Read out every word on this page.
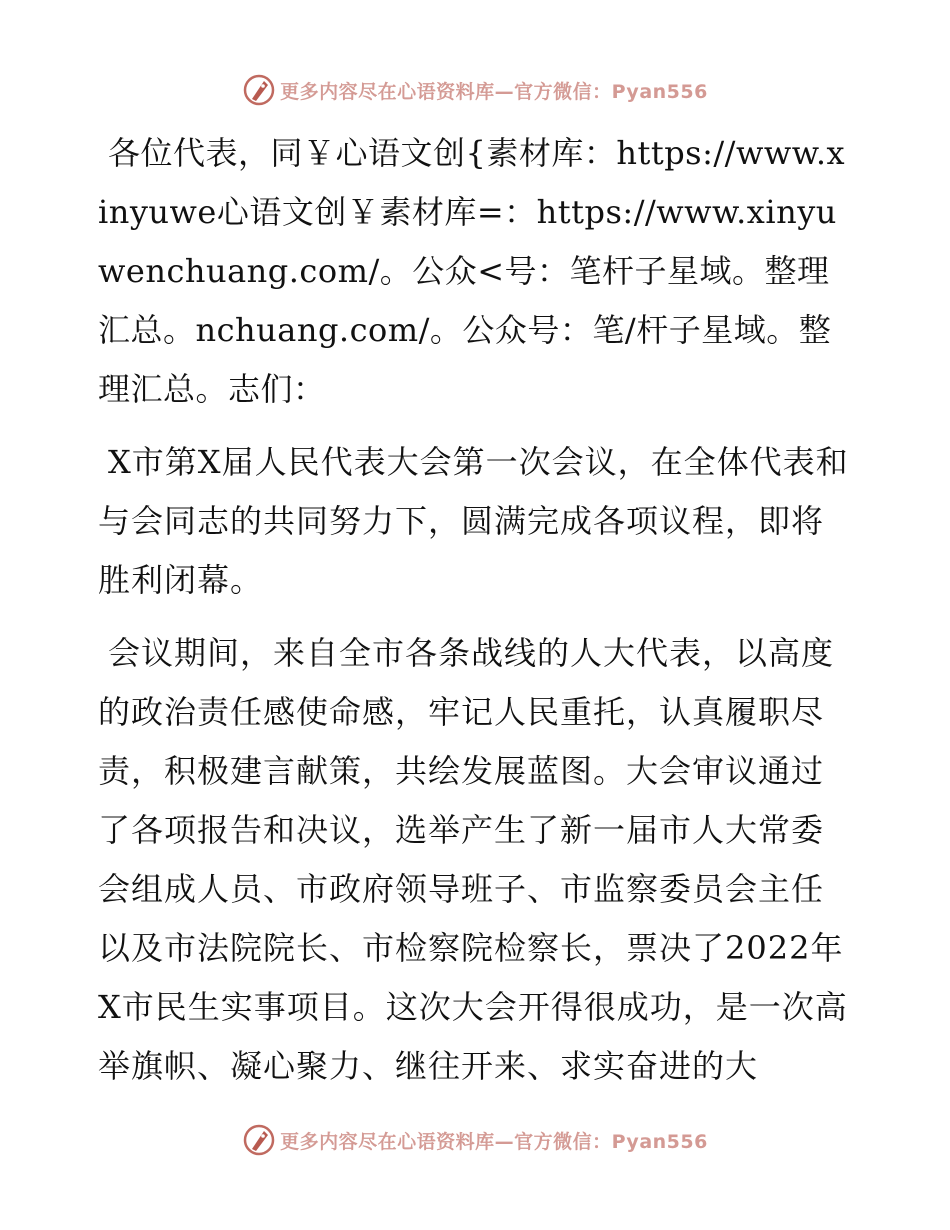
更多内容尽在心语资料库—官方微信：Pyan556

各位代表，同￥心语文创{素材库：https://www.xinyuwe心语文创￥素材库=：https://www.xinyuwenchuang.com/。公众<号：笔杆子星域。整理汇总。nchuang.com/。公众号：笔/杆子星域。整理汇总。志们：

X市第X届人民代表大会第一次会议，在全体代表和与会同志的共同努力下，圆满完成各项议程，即将胜利闭幕。

会议期间，来自全市各条战线的人大代表，以高度的政治责任感使命感，牢记人民重托，认真履职尽责，积极建言献策，共绘发展蓝图。大会审议通过了各项报告和决议，选举产生了新一届市人大常委会组成人员、市政府领导班子、市监察委员会主任以及市法院院长、市检察院检察长，票决了2022年X市民生实事项目。这次大会开得很成功，是一次高举旗帜、凝心聚力、继往开来、求实奋进的大

更多内容尽在心语资料库—官方微信：Pyan556
